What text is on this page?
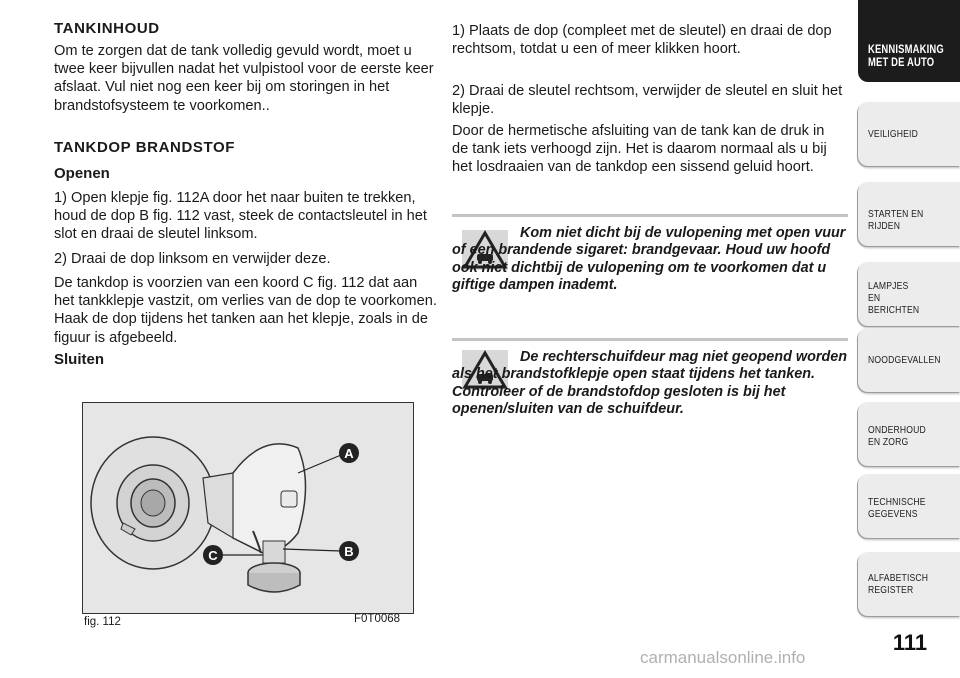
TANKINHOUD

Om te zorgen dat de tank volledig gevuld wordt, moet u twee keer bijvullen nadat het vulpistool voor de eerste keer afslaat. Vul niet nog een keer bij om storingen in het brandstofsysteem te voorkomen..

TANKDOP BRANDSTOF

Openen

1) Open klepje fig. 112A door het naar buiten te trekken, houd de dop B fig. 112 vast, steek de contactsleutel in het slot en draai de sleutel linksom.

2) Draai de dop linksom en verwijder deze.

De tankdop is voorzien van een koord C fig. 112 dat aan het tankklepje vastzit, om verlies van de dop te voorkomen. Haak de dop tijdens het tanken aan het klepje, zoals in de figuur is afgebeeld.

Sluiten

A
B
C
fig. 112	F0T0068

1) Plaats de dop (compleet met de sleutel) en draai de dop rechtsom, totdat u een of meer klikken hoort.

2) Draai de sleutel rechtsom, verwijder de sleutel en sluit het klepje.

Door de hermetische afsluiting van de tank kan de druk in de tank iets verhoogd zijn. Het is daarom normaal als u bij het losdraaien van de tankdop een sissend geluid hoort.

Kom niet dicht bij de vulopening met open vuur of een brandende sigaret: brandgevaar. Houd uw hoofd ook niet dichtbij de vulopening om te voorkomen dat u giftige dampen inademt.
De rechterschuifdeur mag niet geopend worden als het brandstofklepje open staat tijdens het tanken. Controleer of de brandstofdop gesloten is bij het openen/sluiten van de schuifdeur.
KENNISMAKING MET DE AUTO
VEILIGHEID
STARTEN EN RIJDEN
LAMPJES EN BERICHTEN
NOODGEVALLEN
ONDERHOUD EN ZORG
TECHNISCHE GEGEVENS
ALFABETISCH REGISTER
111
carmanualsonline.info
